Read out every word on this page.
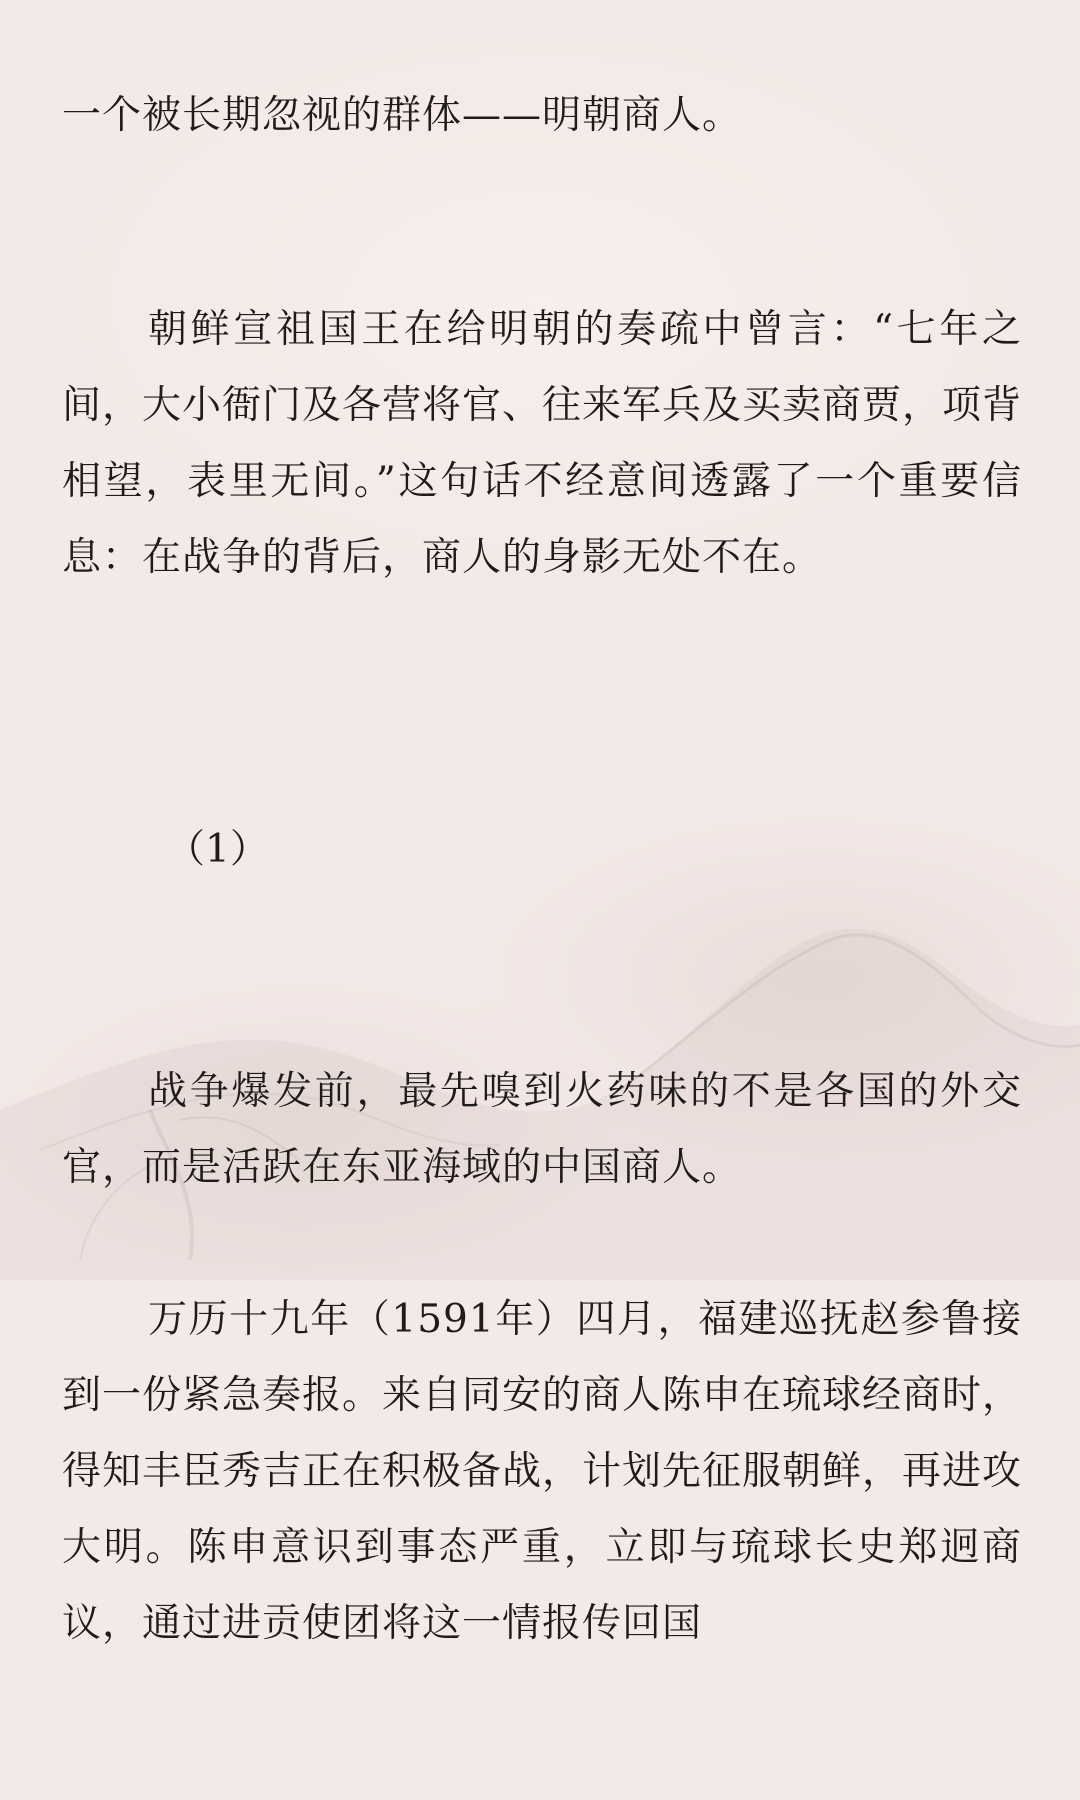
一个被长期忽视的群体——明朝商人。

朝鲜宣祖国王在给明朝的奏疏中曾言：“七年之间，大小衙门及各营将官、往来军兵及买卖商贾，项背相望，表里无间。”这句话不经意间透露了一个重要信息：在战争的背后，商人的身影无处不在。

（1）

战争爆发前，最先嗅到火药味的不是各国的外交官，而是活跃在东亚海域的中国商人。

万历十九年（1591年）四月，福建巡抚赵参鲁接到一份紧急奏报。来自同安的商人陈申在琉球经商时，得知丰臣秀吉正在积极备战，计划先征服朝鲜，再进攻大明。陈申意识到事态严重，立即与琉球长史郑迥商议，通过进贡使团将这一情报传回国
